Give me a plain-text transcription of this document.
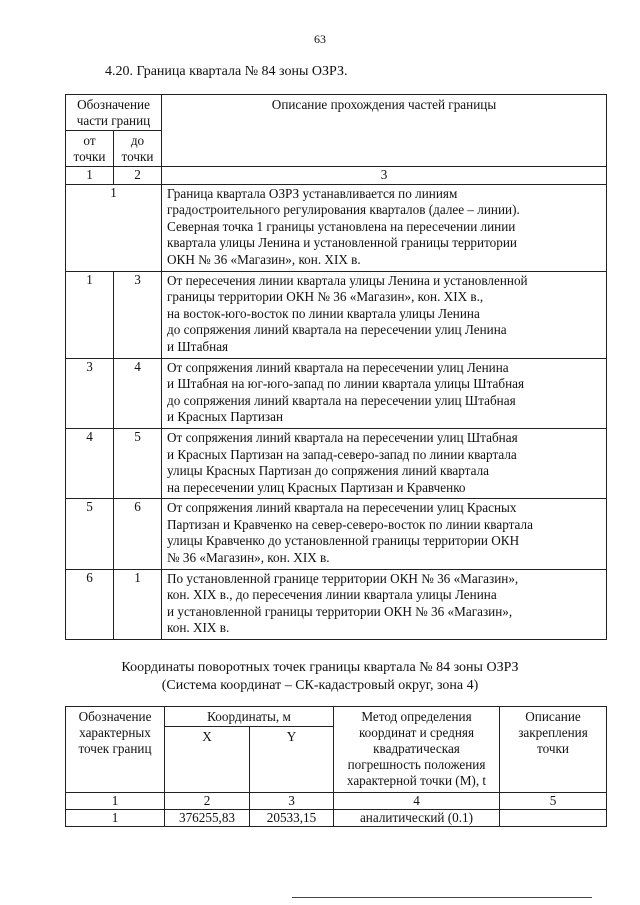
63
4.20. Граница квартала № 84 зоны ОЗРЗ.
Обозначение части границ		Описание прохождения частей границы
от точки	до точки	
1	2	3
1		Граница квартала ОЗРЗ устанавливается по линиям
градостроительного регулирования кварталов (далее – линии).
Северная точка 1 границы установлена на пересечении линии
квартала улицы Ленина и установленной границы территории
ОКН № 36 «Магазин», кон. XIX в.

1	3	От пересечения линии квартала улицы Ленина и установленной
границы территории ОКН № 36 «Магазин», кон. XIX в.,
на восток-юго-восток по линии квартала улицы Ленина
до сопряжения линий квартала на пересечении улиц Ленина
и Штабная

3	4	От сопряжения линий квартала на пересечении улиц Ленина
и Штабная на юг-юго-запад по линии квартала улицы Штабная
до сопряжения линий квартала на пересечении улиц Штабная
и Красных Партизан

4	5	От сопряжения линий квартала на пересечении улиц Штабная
и Красных Партизан на запад-северо-запад по линии квартала
улицы Красных Партизан до сопряжения линий квартала
на пересечении улиц Красных Партизан и Кравченко

5	6	От сопряжения линий квартала на пересечении улиц Красных
Партизан и Кравченко на север-северо-восток по линии квартала
улицы Кравченко до установленной границы территории ОКН
№ 36 «Магазин», кон. XIX в.

6	1	По установленной границе территории ОКН № 36 «Магазин»,
кон. XIX в., до пересечения линии квартала улицы Ленина
и установленной границы территории ОКН № 36 «Магазин»,
кон. XIX в.
Координаты поворотных точек границы квартала № 84 зоны ОЗРЗ
(Система координат – СК-кадастровый округ, зона 4)
Обозначение характерных точек границ	Координаты, м		Метод определения координат и средняя квадратическая погрешность положения характерной точки (М), t	Описание закрепления точки
	X	Y		
1	2	3	4	5
1	376255,83	20533,15	аналитический (0.1)	
